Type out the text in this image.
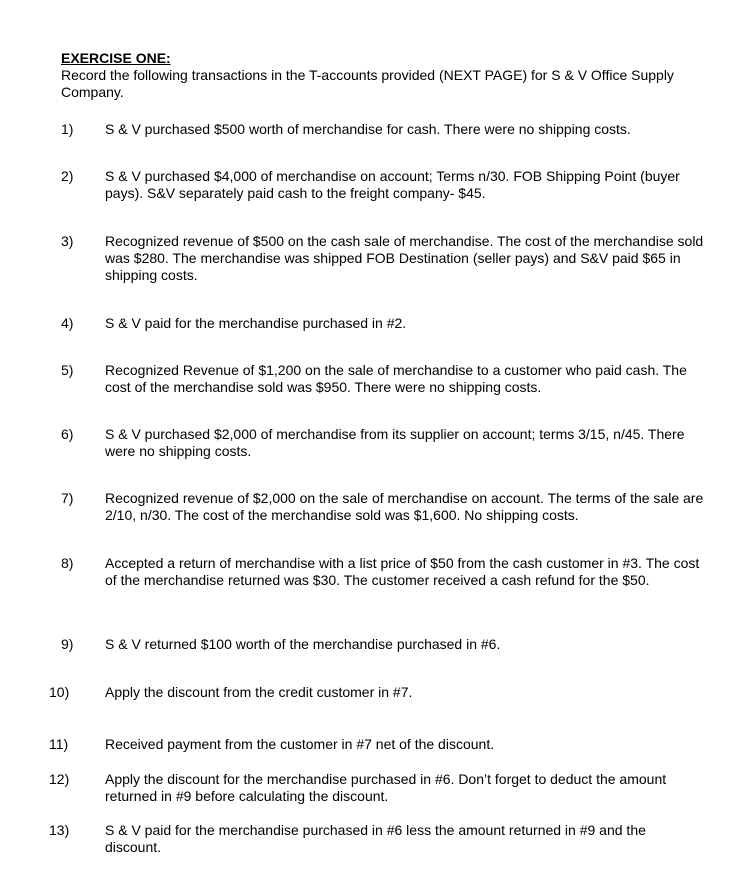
EXERCISE ONE:
Record the following transactions in the T-accounts provided (NEXT PAGE) for S & V Office Supply Company.
1) S & V purchased $500 worth of merchandise for cash. There were no shipping costs.
2) S & V purchased $4,000 of merchandise on account; Terms n/30. FOB Shipping Point (buyer pays). S&V separately paid cash to the freight company- $45.
3) Recognized revenue of $500 on the cash sale of merchandise. The cost of the merchandise sold was $280. The merchandise was shipped FOB Destination (seller pays) and S&V paid $65 in shipping costs.
4) S & V paid for the merchandise purchased in #2.
5) Recognized Revenue of $1,200 on the sale of merchandise to a customer who paid cash. The cost of the merchandise sold was $950. There were no shipping costs.
6) S & V purchased $2,000 of merchandise from its supplier on account; terms 3/15, n/45. There were no shipping costs.
7) Recognized revenue of $2,000 on the sale of merchandise on account. The terms of the sale are 2/10, n/30. The cost of the merchandise sold was $1,600. No shipping costs.
8) Accepted a return of merchandise with a list price of $50 from the cash customer in #3. The cost of the merchandise returned was $30. The customer received a cash refund for the $50.
9) S & V returned $100 worth of the merchandise purchased in #6.
10)	Apply the discount from the credit customer in #7.
11)	Received payment from the customer in #7 net of the discount.
12)	Apply the discount for the merchandise purchased in #6. Don’t forget to deduct the amount returned in #9 before calculating the discount.
13)	S & V paid for the merchandise purchased in #6 less the amount returned in #9 and the discount.
